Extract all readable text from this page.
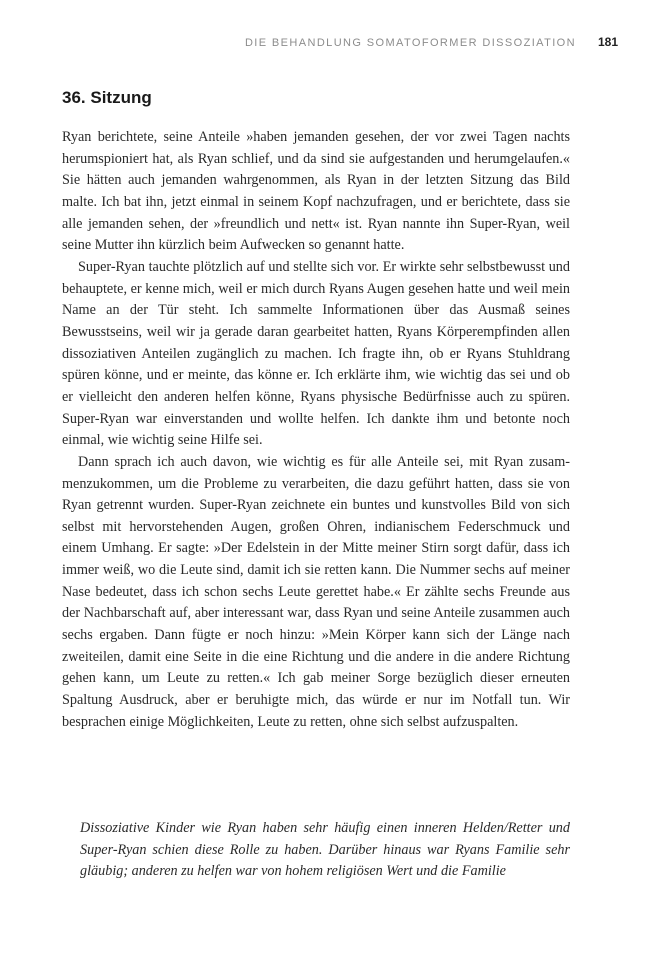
DIE BEHANDLUNG SOMATOFORMER DISSOZIATION 181
36. Sitzung

Ryan berichtete, seine Anteile »haben jemanden gesehen, der vor zwei Tagen nachts herumspioniert hat, als Ryan schlief, und da sind sie aufgestanden und herumgelaufen.« Sie hätten auch jemanden wahrgenommen, als Ryan in der letzten Sitzung das Bild malte. Ich bat ihn, jetzt einmal in seinem Kopf nachzufragen, und er berichtete, dass sie alle jemanden sehen, der »freundlich und nett« ist. Ryan nannte ihn Super-Ryan, weil seine Mutter ihn kürzlich beim Aufwecken so genannt hatte.

Super-Ryan tauchte plötzlich auf und stellte sich vor. Er wirkte sehr selbstbewusst und behauptete, er kenne mich, weil er mich durch Ryans Augen gesehen hatte und weil mein Name an der Tür steht. Ich sammelte Informationen über das Ausmaß seines Bewusstseins, weil wir ja gerade daran gearbeitet hatten, Ryans Körperempfinden allen dissoziativen Anteilen zugänglich zu machen. Ich fragte ihn, ob er Ryans Stuhldrang spüren könne, und er meinte, das könne er. Ich erklärte ihm, wie wichtig das sei und ob er vielleicht den anderen helfen könne, Ryans physische Bedürfnisse auch zu spüren. Super-Ryan war einverstanden und wollte helfen. Ich dankte ihm und betonte noch einmal, wie wichtig seine Hilfe sei.

Dann sprach ich auch davon, wie wichtig es für alle Anteile sei, mit Ryan zusammenzukommen, um die Probleme zu verarbeiten, die dazu geführt hatten, dass sie von Ryan getrennt wurden. Super-Ryan zeichnete ein buntes und kunstvolles Bild von sich selbst mit hervorstehenden Augen, großen Ohren, indianischem Federschmuck und einem Umhang. Er sagte: »Der Edelstein in der Mitte meiner Stirn sorgt dafür, dass ich immer weiß, wo die Leute sind, damit ich sie retten kann. Die Nummer sechs auf meiner Nase bedeutet, dass ich schon sechs Leute gerettet habe.« Er zählte sechs Freunde aus der Nachbarschaft auf, aber interessant war, dass Ryan und seine Anteile zusammen auch sechs ergaben. Dann fügte er noch hinzu: »Mein Körper kann sich der Länge nach zweiteilen, damit eine Seite in die eine Richtung und die andere in die andere Richtung gehen kann, um Leute zu retten.« Ich gab meiner Sorge bezüglich dieser erneuten Spaltung Ausdruck, aber er beruhigte mich, das würde er nur im Notfall tun. Wir besprachen einige Möglichkeiten, Leute zu retten, ohne sich selbst aufzuspalten.

Dissoziative Kinder wie Ryan haben sehr häufig einen inneren Helden/Retter und Super-Ryan schien diese Rolle zu haben. Darüber hinaus war Ryans Familie sehr gläubig; anderen zu helfen war von hohem religiösen Wert und die Familie
